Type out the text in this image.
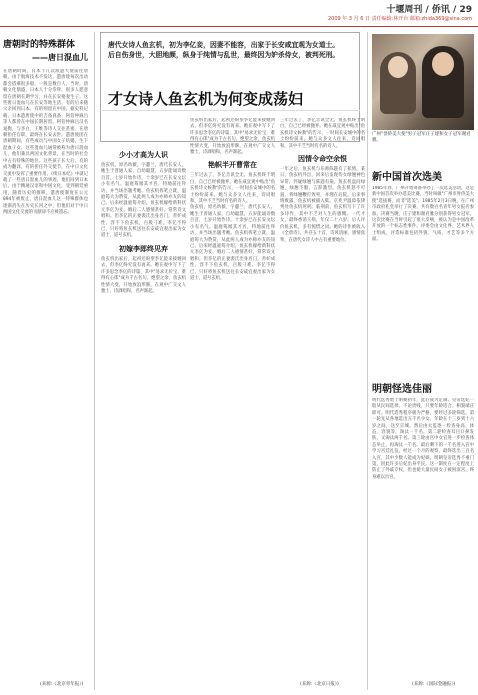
十堰周刊 / 侨讯 / 29
2009 年 3 月 6 日 责任编辑:林开台 邮箱:zhida369@sina.com
唐朝时的特殊群体
——唐日混血儿
在唐朝时期，日本十几次派遣大使前往唐朝，由于航海技术不发达，遣唐使每次出动都会搭乘很多船，一般是数百人。当时，唐朝文化鼎盛，日本人十分崇拜，很多人愿意留在唐朝长期学习，并在长安娶妻生子。这些唐日混血儿在长安等地生活，有的后来随父亲回到日本，有的则留在中国。据史料记载，日本遣唐使中的吉备真备、阿倍仲麻吕等人都曾在中国长期居留。阿倍仲麻吕汉名晁衡，与李白、王维等诗人交往甚密，在唐朝担任官职，最终在长安去世。遣唐使团在唐朝期间，有些成员与中国女子结婚，生下混血子女。这些混血儿通常被称为唐日混血儿，他们兼具两国文化背景，在当时的社会中占有特殊的地位。这些孩子长大后，有的成为翻译，有的担任外交使节，在中日文化交流中发挥了重要作用。《续日本纪》中就记载了一些唐日混血儿的事迹。他们回到日本后，由于精通汉语和中国文化，受到朝廷重用。随着历史的推移，遣唐使制度在公元894年被废止，唐日混血儿这一特殊群体也逐渐消失在历史长河之中，但他们对于中日两国文化交流的贡献却不应被遗忘。
(来源:《北京青年报》)
唐代女诗人鱼玄机，初为李亿妾，因妻不能容，出家于长安咸宜观为女道士。后自伤身世，大胆地颜，纵身于纯情与乱世，最终因为妒杀侍女，被判死刑。
才女诗人鱼玄机为何变成荡妇
少小才高为人识
鱼玄机，原名幼薇，字蕙兰，唐代长安人。她生于普通人家，自幼聪慧，五岁能诵诗数百首，七岁开始作诗，十余岁已在长安文坛小有名气。温庭筠闻其才名，特地前往拜访，并当场出题考她。鱼玄机挥笔立就，温庭筠大为赞赏，从此两人成为亦师亦友的知己。后来经温庭筠介绍，鱼玄机嫁给新科状元李亿为妾。婚后二人感情甚好，常常诗文唱和。但李亿的正妻裴氏出身名门，善妒成性，容不下鱼玄机，百般刁难。李亿不得已，只好将鱼玄机送往长安咸宜观出家为女道士，道号玄机。
初嫁李郎终见弃
鱼玄机出家后，起初还盼望李亿能来接她回去，但李亿终究没有再来。她在观中写下了许多思念李亿的诗篇，其中"易求无价宝，难得有心郎"成为千古名句。绝望之余，鱼玄机性情大变，开始放浪形骸，在观中广交文人雅士，诗酒唱和，名声渐起。
鱼玄机出家后，起初还盼望李亿能来接她回去，但李亿终究没有再来。她在观中写下了许多思念李亿的诗篇，其中"易求无价宝，难得有心郎"成为千古名句。绝望之余，鱼玄机性情大变，开始放浪形骸，在观中广交文人雅士，诗酒唱和，名声渐起。
艳帜半开曹常在
三年过去了，李亿音讯全无。鱼玄机终于明白，自己已经被抛弃。她在咸宜观中贴出"鱼玄机诗文候教"的告示，一时间长安城中的名士纷纷前来。她与众多文人往来，诗词唱和，其中不乏当时有名的诗人。
鱼玄机，原名幼薇，字蕙兰，唐代长安人。她生于普通人家，自幼聪慧，五岁能诵诗数百首，七岁开始作诗，十余岁已在长安文坛小有名气。温庭筠闻其才名，特地前往拜访，并当场出题考她。鱼玄机挥笔立就，温庭筠大为赞赏，从此两人成为亦师亦友的知己。后来经温庭筠介绍，鱼玄机嫁给新科状元李亿为妾。婚后二人感情甚好，常常诗文唱和。但李亿的正妻裴氏出身名门，善妒成性，容不下鱼玄机，百般刁难。李亿不得已，只好将鱼玄机送往长安咸宜观出家为女道士，道号玄机。
三年过去了，李亿音讯全无。鱼玄机终于明白，自己已经被抛弃。她在咸宜观中贴出"鱼玄机诗文候教"的告示，一时间长安城中的名士纷纷前来。她与众多文人往来，诗词唱和，其中不乏当时有名的诗人。
因情令命空余恨
一年之后，鱼玄机与乐师陈韪有了私情。某日，鱼玄机外出，回来后发现侍女绿翘神色异常，怀疑绿翘与陈韪有染。鱼玄机盘问绿翘，绿翘不服，言辞激烈。鱼玄机怒不可遏，将绿翘鞭打致死，并埋在后院。后来事情败露，鱼玄机被捕入狱。京兆尹温璋依律判处鱼玄机死刑。临刑前，鱼玄机写下了许多诗作，其中不乏对人生的感慨。一代才女，最终香消玉殒，年仅二十六岁。后人评价鱼玄机，多有惋惜之词。她的诗作被收入《全唐诗》，共存五十首，诗风清丽，感情真挚，在唐代女诗人中占有重要地位。
(来源:《北京日报》)
广州"誉侨美大使"男子冠军庄子建和女子冠军谢君雅。
新中国首次选美
1985年春，广州开始筹备举办了一次选美活动，这是新中国首次举办选美比赛，当时叫做"广州市誉侨美大使"选拔赛，而非"选美"。1985年2月3日晚，在广州市政府礼堂举行了决赛，共有数百名青年男女报名参加。决赛当晚，庄子建和谢君雅分别获得男女冠军。这次比赛在当时引起了很大反响，被认为是中国改革开放的一个标志性事件。评委会由文化界、艺术界人士组成，评选标准包括外貌、气质、才艺等多个方面。
明朝怪选佳丽
明代选秀始于明朝初年，此后成为定制。皇帝选妃一般从民间选择，不论贵贱，只要年龄适合、相貌端庄即可。明代选秀程序极为严格，要经过多轮筛选。第一轮先从各地选出五千名少女，年龄在十三岁到十六岁之间，送至京城。然后由太监逐一检查身高、体态、容貌等，淘汰一千名。第二轮检查耳目口鼻发肤，又淘汰两千名。第三轮由宫中女官进一步检查体态举止，再淘汰一千名。最后剩下的一千名进入宫中学习宫廷礼仪，经过一个月的观察，最终选出三百名入宫，其中少数人能成为妃嫔。明朝皇帝选秀不重门第，因此许多后妃出身平民。这一制度在一定程度上防止了外戚专权，但也使大量民间女子被困深宫，终身难以出宫。
(来源:《国际金融报》)
